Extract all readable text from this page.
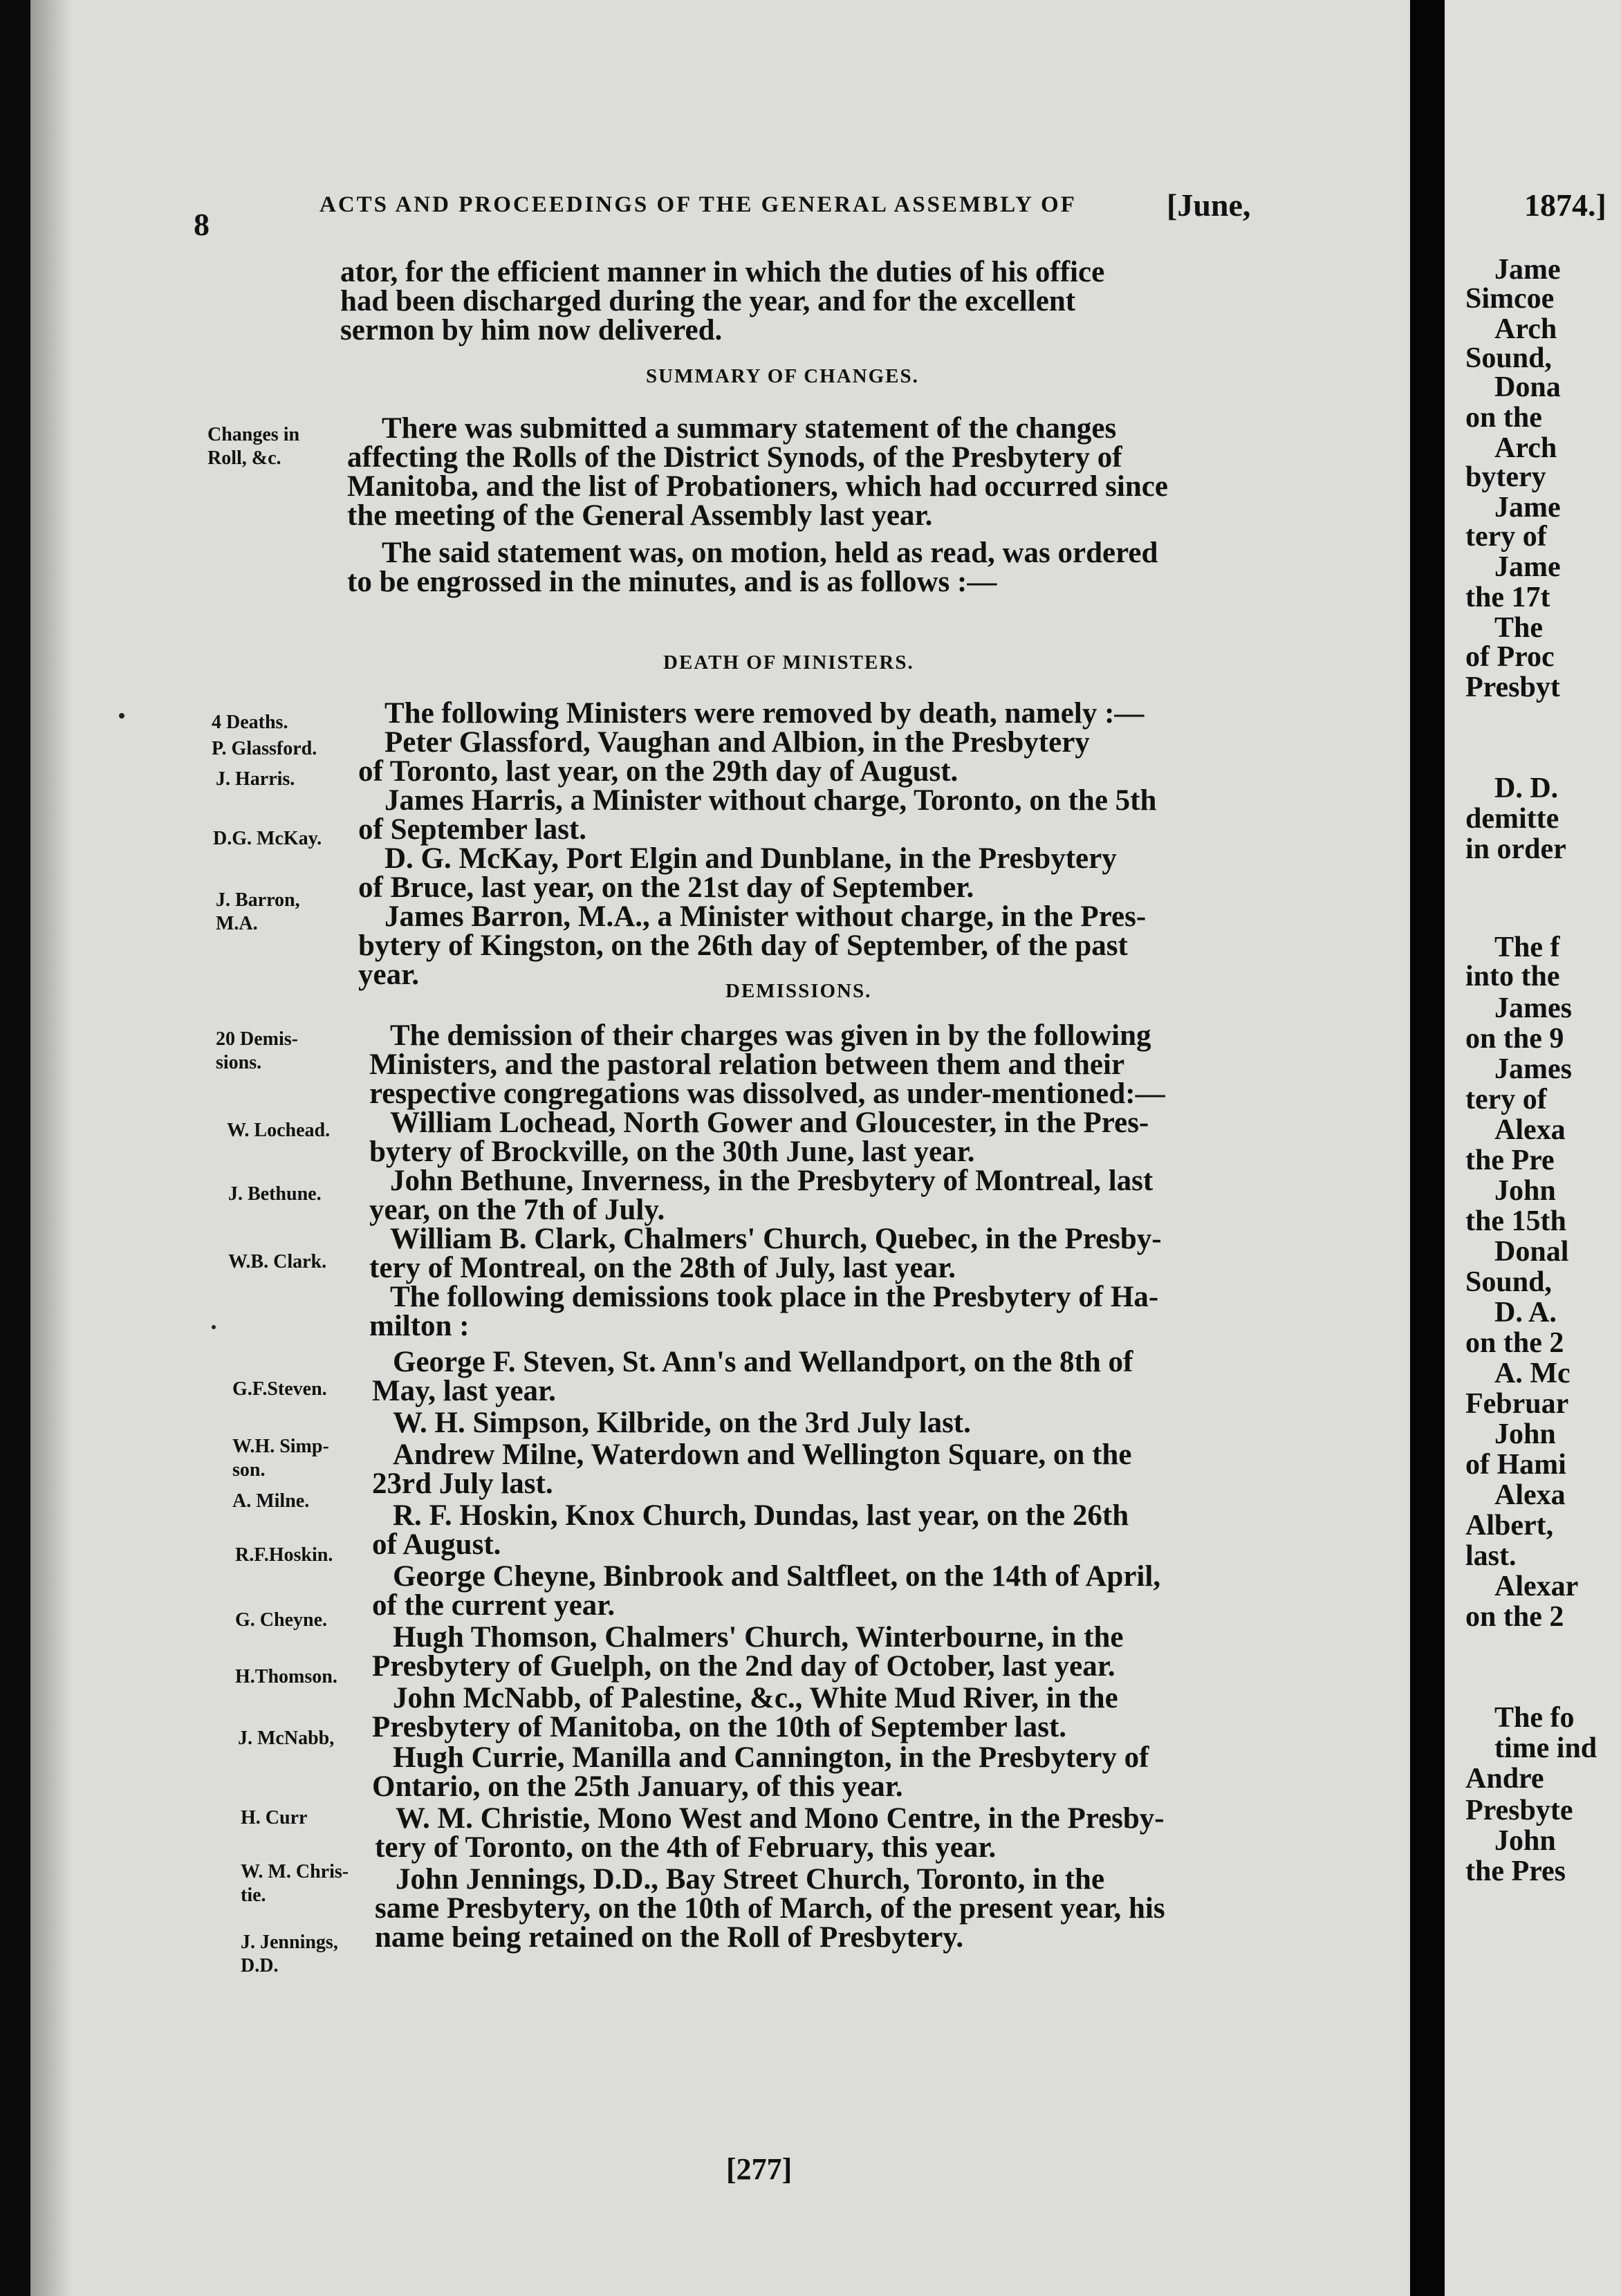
8
ACTS AND PROCEEDINGS OF THE GENERAL ASSEMBLY OF	[June,
ator, for the efficient manner in which the duties of his office
had been discharged during the year, and for the excellent
sermon by him now delivered.
SUMMARY OF CHANGES.
There was submitted a summary statement of the changes
affecting the Rolls of the District Synods, of the Presbytery of
Manitoba, and the list of Probationers, which had occurred since
the meeting of the General Assembly last year.
The said statement was, on motion, held as read, was ordered
to be engrossed in the minutes, and is as follows :—
DEATH OF MINISTERS.
The following Ministers were removed by death, namely :—
Peter Glassford, Vaughan and Albion, in the Presbytery
of Toronto, last year, on the 29th day of August.
James Harris, a Minister without charge, Toronto, on the 5th
of September last.
D. G. McKay, Port Elgin and Dunblane, in the Presbytery
of Bruce, last year, on the 21st day of September.
James Barron, M.A., a Minister without charge, in the Pres-
bytery of Kingston, on the 26th day of September, of the past
year.	DEMISSIONS.
The demission of their charges was given in by the following
Ministers, and the pastoral relation between them and their
respective congregations was dissolved, as under-mentioned:—
William Lochead, North Gower and Gloucester, in the Pres-
bytery of Brockville, on the 30th June, last year.
John Bethune, Inverness, in the Presbytery of Montreal, last
year, on the 7th of July.
William B. Clark, Chalmers' Church, Quebec, in the Presby-
tery of Montreal, on the 28th of July, last year.
The following demissions took place in the Presbytery of Ha-
milton :
George F. Steven, St. Ann's and Wellandport, on the 8th of
May, last year.
W. H. Simpson, Kilbride, on the 3rd July last.
Andrew Milne, Waterdown and Wellington Square, on the
23rd July last.
R. F. Hoskin, Knox Church, Dundas, last year, on the 26th
of August.
George Cheyne, Binbrook and Saltfleet, on the 14th of April,
of the current year.
Hugh Thomson, Chalmers' Church, Winterbourne, in the
Presbytery of Guelph, on the 2nd day of October, last year.
John McNabb, of Palestine, &c., White Mud River, in the
Presbytery of Manitoba, on the 10th of September last.
Hugh Currie, Manilla and Cannington, in the Presbytery of
Ontario, on the 25th January, of this year.
W. M. Christie, Mono West and Mono Centre, in the Presby-
tery of Toronto, on the 4th of February, this year.
John Jennings, D.D., Bay Street Church, Toronto, in the
same Presbytery, on the 10th of March, of the present year, his
name being retained on the Roll of Presbytery.
Changes in
Roll, &c.
4 Deaths.
P. Glassford.
J. Harris.
D.G. McKay.
J. Barron,
M.A.
20 Demis-
sions.
W. Lochead.
J. Bethune.
W.B. Clark.
G.F.Steven.
W.H. Simp-
son.
A. Milne.
R.F.Hoskin.
G. Cheyne.
H.Thomson.
J. McNabb,
H. Curr
W. M. Chris-
tie.
J. Jennings,
D.D.
[277]
1874.]
Jame
Simcoe
Arch
Sound,
Dona
on the
Arch
bytery
Jame
tery of
Jame
the 17t
The
of Proc
Presbyt
D. D.
demitte
in order
The f
into the
James
on the 9
James
tery of
Alexa
the Pre
John
the 15th
Donal
Sound,
D. A.
on the 2
A. Mc
Februar
John
of Hami
Alexa
Albert,
last.
Alexar
on the 2
The fo
time ind
Andre
Presbyte
John
the Pres
